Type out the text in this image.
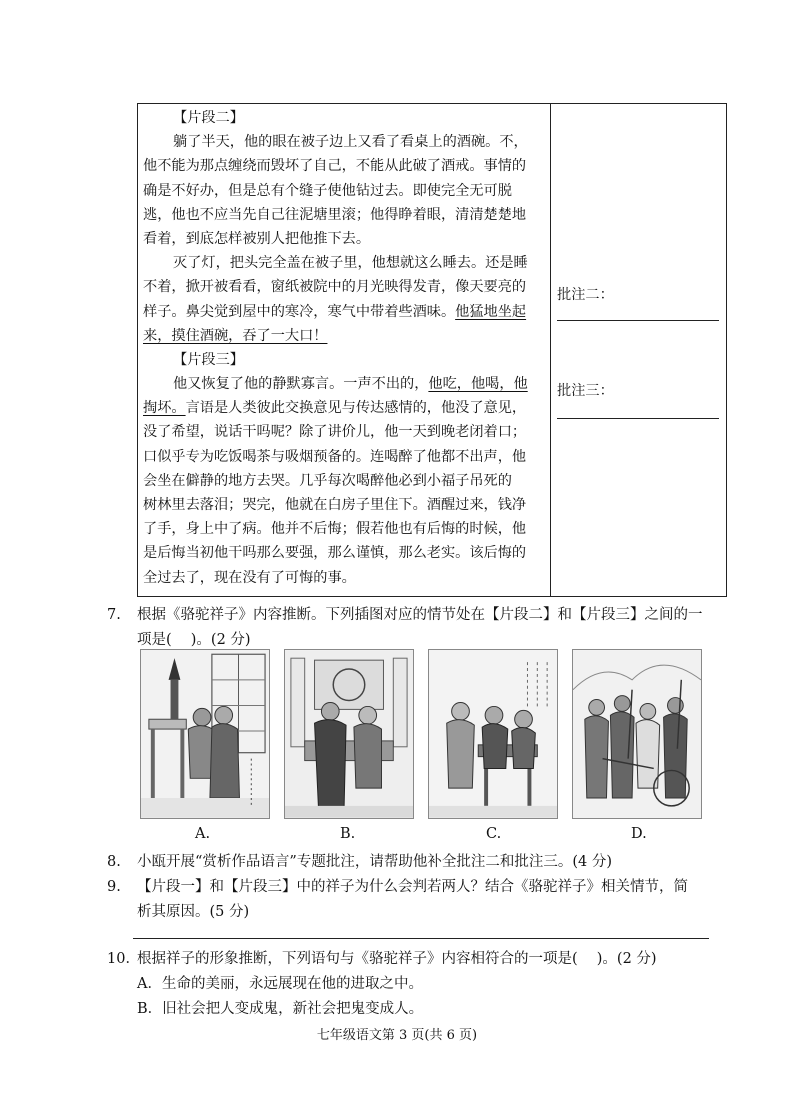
【片段二】
躺了半天，他的眼在被子边上又看了看桌上的酒碗。不，
他不能为那点缠绕而毁坏了自己，不能从此破了酒戒。事情的
确是不好办，但是总有个缝子使他钻过去。即使完全无可脱
逃，他也不应当先自己往泥塘里滚；他得睁着眼，清清楚楚地
看着，到底怎样被别人把他推下去。
灭了灯，把头完全盖在被子里，他想就这么睡去。还是睡
不着，掀开被看看，窗纸被院中的月光映得发青，像天要亮的
样子。鼻尖觉到屋中的寒冷，寒气中带着些酒味。他猛地坐起
来，摸住酒碗，吞了一大口！
【片段三】
他又恢复了他的静默寡言。一声不出的，他吃，他喝，他
掏坏。言语是人类彼此交换意见与传达感情的，他没了意见，
没了希望，说话干吗呢？除了讲价儿，他一天到晚老闭着口；
口似乎专为吃饭喝茶与吸烟预备的。连喝醉了他都不出声，他
会坐在僻静的地方去哭。几乎每次喝醉他必到小福子吊死的
树林里去落泪；哭完，他就在白房子里住下。酒醒过来，钱净
了手，身上中了病。他并不后悔；假若他也有后悔的时候，他
是后悔当初他干吗那么要强，那么谨慎，那么老实。该后悔的
全过去了，现在没有了可悔的事。
批注二：
批注三：
7. 根据《骆驼祥子》内容推断。下列插图对应的情节处在【片段二】和【片段三】之间的一
项是(　 )。(2 分)
A.	B.	C.	D.
8. 小瓯开展“赏析作品语言”专题批注，请帮助他补全批注二和批注三。(4 分)
9. 【片段一】和【片段三】中的祥子为什么会判若两人？结合《骆驼祥子》相关情节，简
析其原因。(5 分)
10．根据祥子的形象推断，下列语句与《骆驼祥子》内容相符合的一项是(　 )。(2 分)
A．生命的美丽，永远展现在他的进取之中。
B．旧社会把人变成鬼，新社会把鬼变成人。
七年级语文第 3 页(共 6 页)
